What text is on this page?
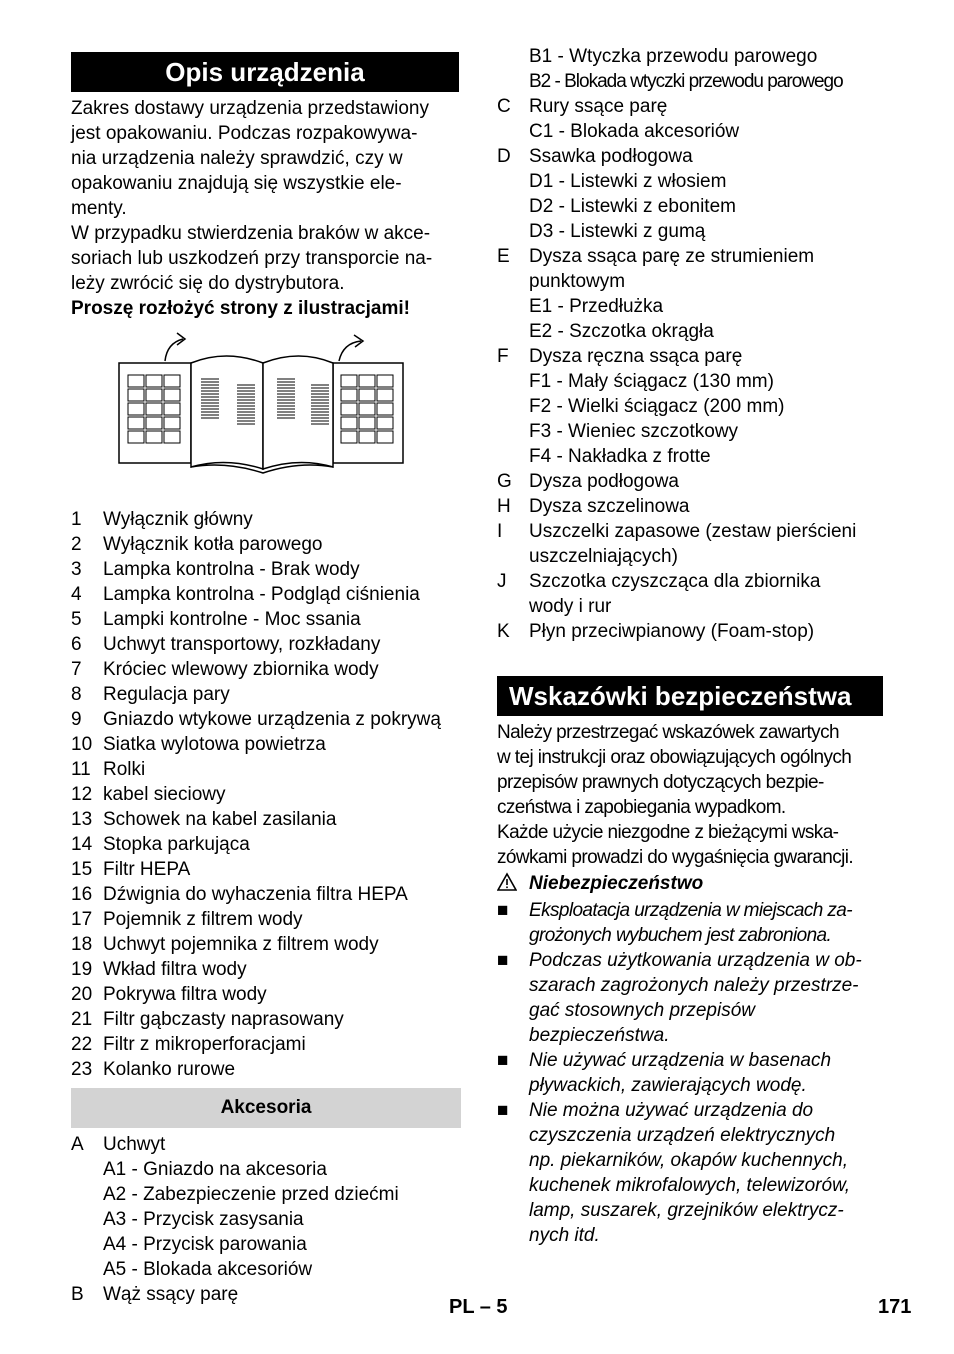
Opis urządzenia
Zakres dostawy urządzenia przedstawiony
jest opakowaniu. Podczas rozpakowywa-
nia urządzenia należy sprawdzić, czy w
opakowaniu znajdują się wszystkie ele-
menty.
W przypadku stwierdzenia braków w akce-
soriach lub uszkodzeń przy transporcie na-
leży zwrócić się do dystrybutora.
Proszę rozłożyć strony z ilustracjami!
1 Wyłącznik główny
2 Wyłącznik kotła parowego
3 Lampka kontrolna - Brak wody
4 Lampka kontrolna - Podgląd ciśnienia
5 Lampki kontrolne - Moc ssania
6 Uchwyt transportowy, rozkładany
7 Króciec wlewowy zbiornika wody
8 Regulacja pary
9 Gniazdo wtykowe urządzenia z pokrywą
10 Siatka wylotowa powietrza
11 Rolki
12 kabel sieciowy
13 Schowek na kabel zasilania
14 Stopka parkująca
15 Filtr HEPA
16 Dźwignia do wyhaczenia filtra HEPA
17 Pojemnik z filtrem wody
18 Uchwyt pojemnika z filtrem wody
19 Wkład filtra wody
20 Pokrywa filtra wody
21 Filtr gąbczasty naprasowany
22 Filtr z mikroperforacjami
23 Kolanko rurowe
Akcesoria
A Uchwyt
A1 - Gniazdo na akcesoria
A2 - Zabezpieczenie przed dziećmi
A3 - Przycisk zasysania
A4 - Przycisk parowania
A5 - Blokada akcesoriów
B Wąż ssący parę
B1 - Wtyczka przewodu parowego
B2 - Blokada wtyczki przewodu parowego
C Rury ssące parę
C1 - Blokada akcesoriów
D Ssawka podłogowa
D1 - Listewki z włosiem
D2 - Listewki z ebonitem
D3 - Listewki z gumą
E Dysza ssąca parę ze strumieniem
punktowym
E1 - Przedłużka
E2 - Szczotka okrągła
F Dysza ręczna ssąca parę
F1 - Mały ściągacz (130 mm)
F2 - Wielki ściągacz (200 mm)
F3 - Wieniec szczotkowy
F4 - Nakładka z frotte
G Dysza podłogowa
H Dysza szczelinowa
I Uszczelki zapasowe (zestaw pierścieni
uszczelniających)
J Szczotka czyszcząca dla zbiornika
wody i rur
K Płyn przeciwpianowy (Foam-stop)
Wskazówki bezpieczeństwa
Należy przestrzegać wskazówek zawartych
w tej instrukcji oraz obowiązujących ogólnych
przepisów prawnych dotyczących bezpie-
czeństwa i zapobiegania wypadkom.
Każde użycie niezgodne z bieżącymi wska-
zówkami prowadzi do wygaśnięcia gwarancji.
Niebezpieczeństwo
■	Eksploatacja urządzenia w miejscach za-
grożonych wybuchem jest zabroniona.
■	Podczas użytkowania urządzenia w ob-
szarach zagrożonych należy przestrze-
gać stosownych przepisów
bezpieczeństwa.
■	Nie używać urządzenia w basenach
pływackich, zawierających wodę.
■	Nie można używać urządzenia do
czyszczenia urządzeń elektrycznych
np. piekarników, okapów kuchennych,
kuchenek mikrofalowych, telewizorów,
lamp, suszarek, grzejników elektrycz-
nych itd.
PL – 5	171
